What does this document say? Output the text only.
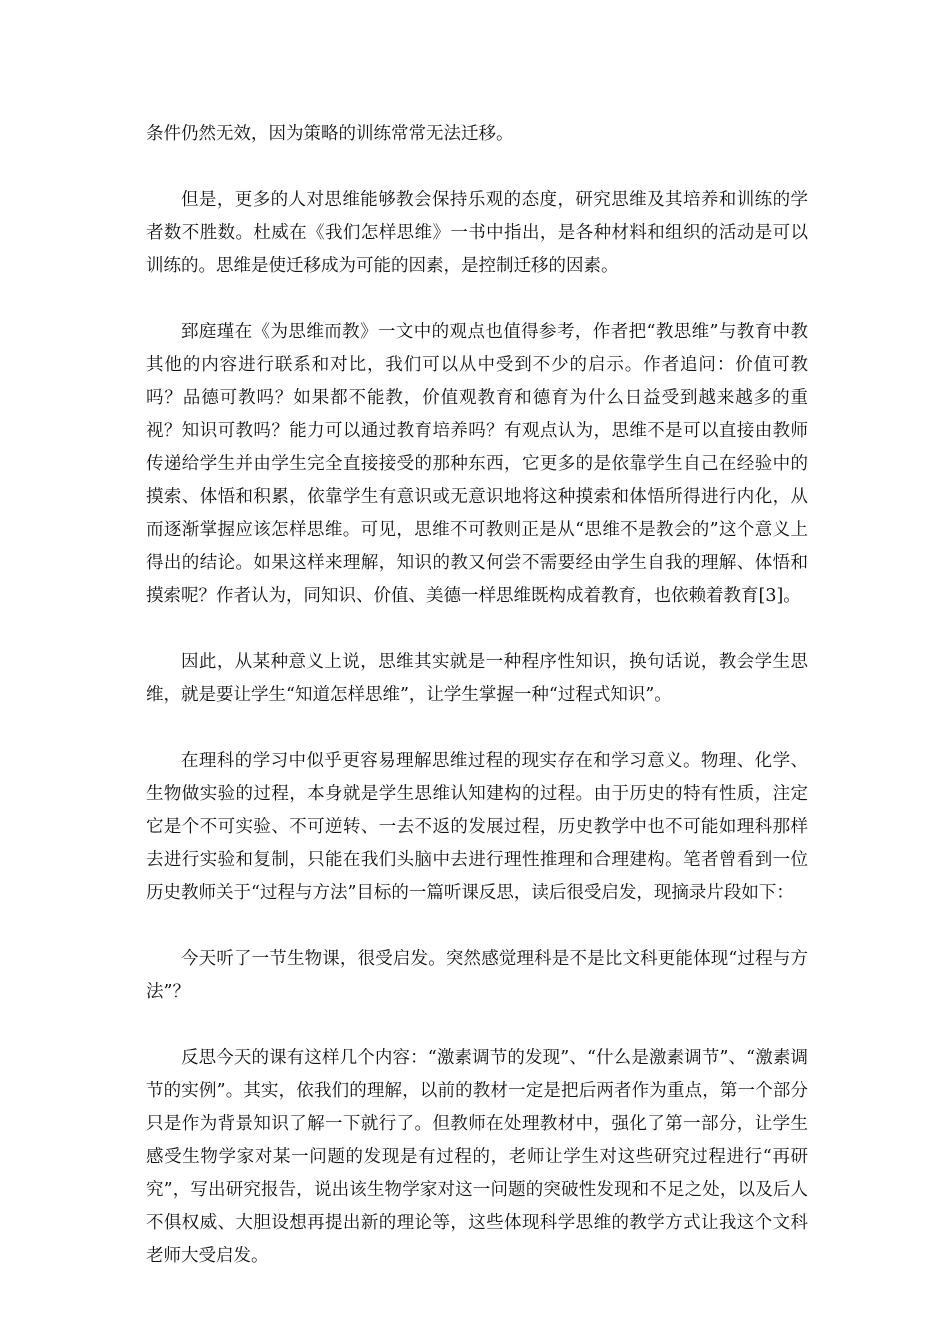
条件仍然无效，因为策略的训练常常无法迁移。

但是，更多的人对思维能够教会保持乐观的态度，研究思维及其培养和训练的学者数不胜数。杜威在《我们怎样思维》一书中指出，是各种材料和组织的活动是可以训练的。思维是使迁移成为可能的因素，是控制迁移的因素。

郅庭瑾在《为思维而教》一文中的观点也值得参考，作者把“教思维”与教育中教其他的内容进行联系和对比，我们可以从中受到不少的启示。作者追问：价值可教吗？品德可教吗？如果都不能教，价值观教育和德育为什么日益受到越来越多的重视？知识可教吗？能力可以通过教育培养吗？有观点认为，思维不是可以直接由教师传递给学生并由学生完全直接接受的那种东西，它更多的是依靠学生自己在经验中的摸索、体悟和积累，依靠学生有意识或无意识地将这种摸索和体悟所得进行内化，从而逐渐掌握应该怎样思维。可见，思维不可教则正是从“思维不是教会的”这个意义上得出的结论。如果这样来理解，知识的教又何尝不需要经由学生自我的理解、体悟和摸索呢？作者认为，同知识、价值、美德一样思维既构成着教育，也依赖着教育[3]。

因此，从某种意义上说，思维其实就是一种程序性知识，换句话说，教会学生思维，就是要让学生“知道怎样思维”，让学生掌握一种“过程式知识”。

在理科的学习中似乎更容易理解思维过程的现实存在和学习意义。物理、化学、生物做实验的过程，本身就是学生思维认知建构的过程。由于历史的特有性质，注定它是个不可实验、不可逆转、一去不返的发展过程，历史教学中也不可能如理科那样去进行实验和复制，只能在我们头脑中去进行理性推理和合理建构。笔者曾看到一位历史教师关于“过程与方法”目标的一篇听课反思，读后很受启发，现摘录片段如下：

今天听了一节生物课，很受启发。突然感觉理科是不是比文科更能体现“过程与方法”？

反思今天的课有这样几个内容：“激素调节的发现”、“什么是激素调节”、“激素调节的实例”。其实，依我们的理解，以前的教材一定是把后两者作为重点，第一个部分只是作为背景知识了解一下就行了。但教师在处理教材中，强化了第一部分，让学生感受生物学家对某一问题的发现是有过程的，老师让学生对这些研究过程进行“再研究”，写出研究报告，说出该生物学家对这一问题的突破性发现和不足之处，以及后人不俱权威、大胆设想再提出新的理论等，这些体现科学思维的教学方式让我这个文科老师大受启发。
